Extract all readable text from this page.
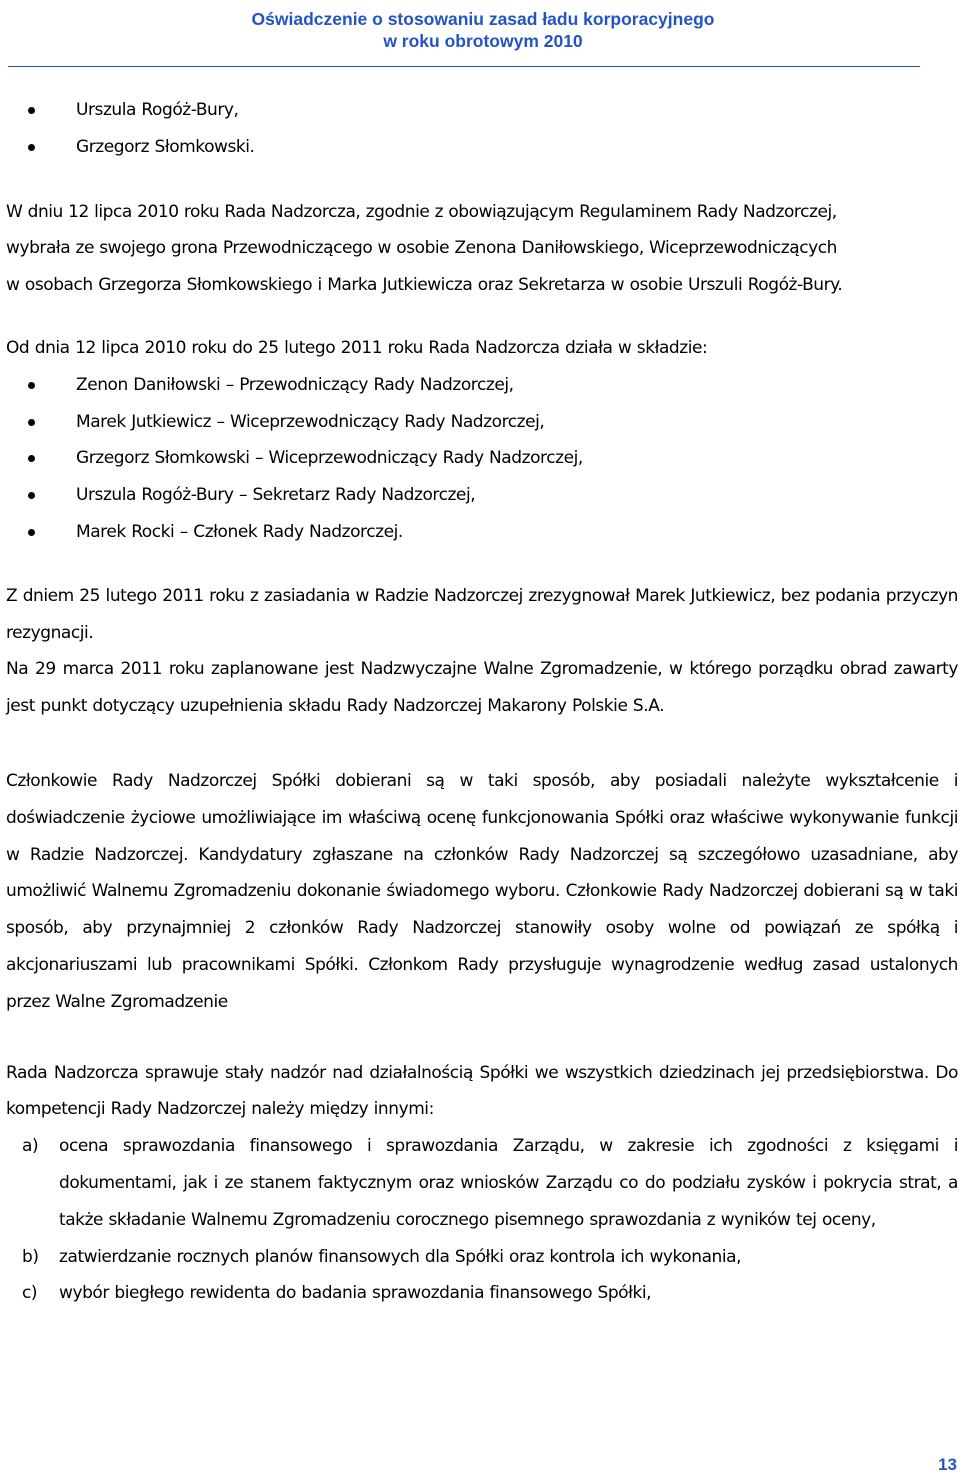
Oświadczenie o stosowaniu zasad ładu korporacyjnego
w roku obrotowym 2010
Urszula Rogóż-Bury,
Grzegorz Słomkowski.
W dniu 12 lipca 2010 roku Rada Nadzorcza, zgodnie z obowiązującym Regulaminem Rady Nadzorczej,
wybrała ze swojego grona Przewodniczącego w osobie Zenona Daniłowskiego, Wiceprzewodniczących
w osobach Grzegorza Słomkowskiego i Marka Jutkiewicza oraz Sekretarza w osobie Urszuli Rogóż-Bury.
Od dnia 12 lipca 2010 roku do 25 lutego 2011 roku Rada Nadzorcza działa w składzie:
Zenon Daniłowski – Przewodniczący Rady Nadzorczej,
Marek Jutkiewicz – Wiceprzewodniczący Rady Nadzorczej,
Grzegorz Słomkowski – Wiceprzewodniczący Rady Nadzorczej,
Urszula Rogóż-Bury – Sekretarz Rady Nadzorczej,
Marek Rocki – Członek Rady Nadzorczej.

Z dniem 25 lutego 2011 roku z zasiadania w Radzie Nadzorczej zrezygnował Marek Jutkiewicz, bez podania przyczyn rezygnacji.

Na 29 marca 2011 roku zaplanowane jest Nadzwyczajne Walne Zgromadzenie, w którego porządku obrad zawarty jest punkt dotyczący uzupełnienia składu Rady Nadzorczej Makarony Polskie S.A.

Członkowie Rady Nadzorczej Spółki dobierani są w taki sposób, aby posiadali należyte wykształcenie i doświadczenie życiowe umożliwiające im właściwą ocenę funkcjonowania Spółki oraz właściwe wykonywanie funkcji w Radzie Nadzorczej. Kandydatury zgłaszane na członków Rady Nadzorczej są szczegółowo uzasadniane, aby umożliwić Walnemu Zgromadzeniu dokonanie świadomego wyboru. Członkowie Rady Nadzorczej dobierani są w taki sposób, aby przynajmniej 2 członków Rady Nadzorczej stanowiły osoby wolne od powiązań ze spółką i akcjonariuszami lub pracownikami Spółki. Członkom Rady przysługuje wynagrodzenie według zasad ustalonych przez Walne Zgromadzenie

Rada Nadzorcza sprawuje stały nadzór nad działalnością Spółki we wszystkich dziedzinach jej przedsiębiorstwa. Do kompetencji Rady Nadzorczej należy między innymi:

a) ocena sprawozdania finansowego i sprawozdania Zarządu, w zakresie ich zgodności z księgami i dokumentami, jak i ze stanem faktycznym oraz wniosków Zarządu co do podziału zysków i pokrycia strat, a także składanie Walnemu Zgromadzeniu corocznego pisemnego sprawozdania z wyników tej oceny,
b) zatwierdzanie rocznych planów finansowych dla Spółki oraz kontrola ich wykonania,
c) wybór biegłego rewidenta do badania sprawozdania finansowego Spółki,
13
